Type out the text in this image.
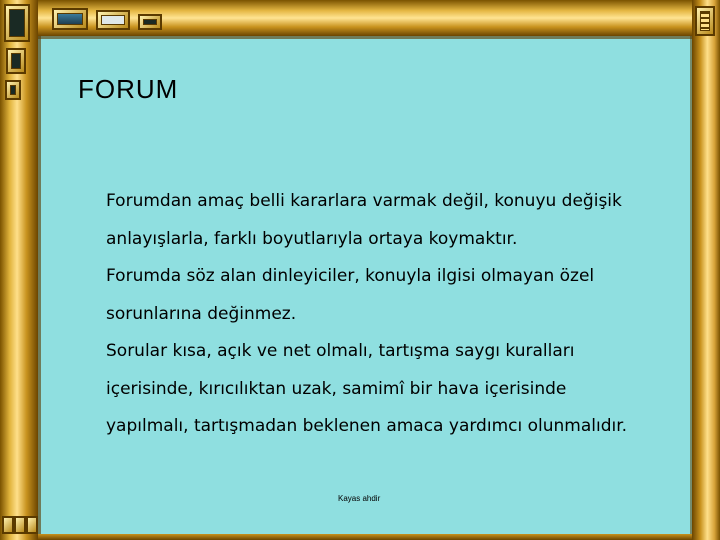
FORUM
Forumdan amaç belli kararlara varmak değil, konuyu değişik
anlayışlarla, farklı boyutlarıyla ortaya koymaktır.
Forumda söz alan dinleyiciler, konuyla ilgisi olmayan özel
sorunlarına değinmez.
Sorular kısa, açık ve net olmalı, tartışma saygı kuralları
içerisinde, kırıcılıktan uzak, samimî bir hava içerisinde
yapılmalı, tartışmadan beklenen amaca yardımcı olunmalıdır.
Kayas ahdir
